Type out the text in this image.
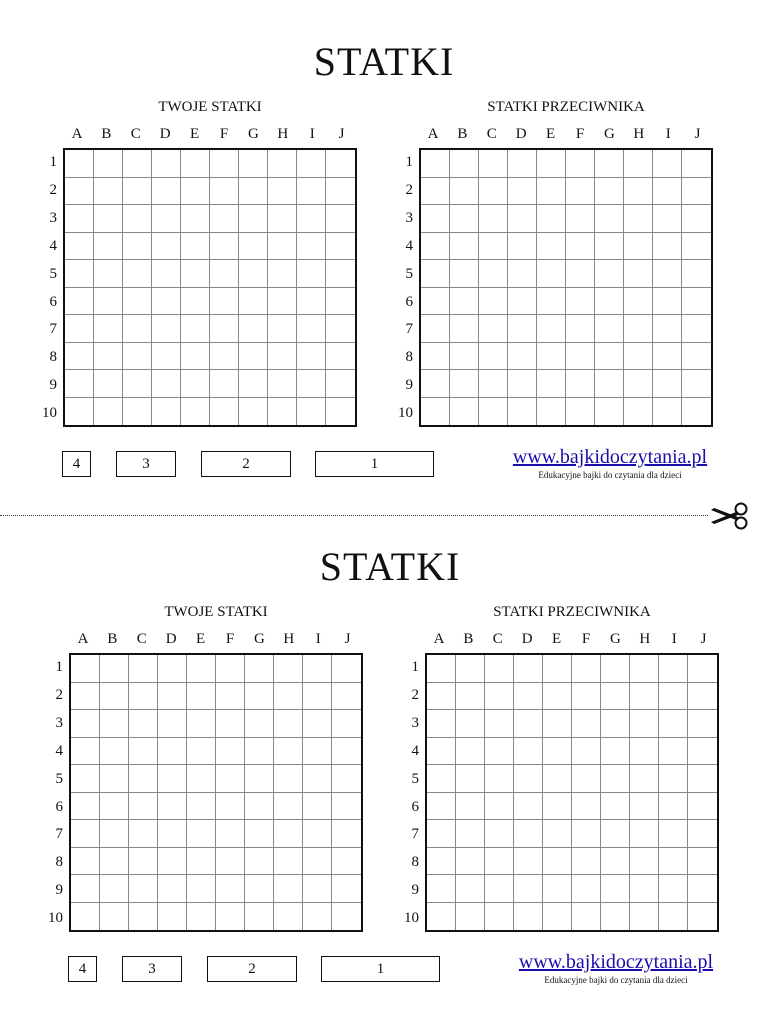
STATKI
TWOJE STATKI
A	B	C	D	E	F	G	H	I	J
1
2
3
4
5
6
7
8
9
10
STATKI PRZECIWNIKA
A	B	C	D	E	F	G	H	I	J
1
2
3
4
5
6
7
8
9
10
4	3	2	1	www.bajkidoczytania.pl
Edukacyjne bajki do czytania dla dzieci
STATKI
TWOJE STATKI
A	B	C	D	E	F	G	H	I	J
1
2
3
4
5
6
7
8
9
10
STATKI PRZECIWNIKA
A	B	C	D	E	F	G	H	I	J
1
2
3
4
5
6
7
8
9
10
4	3	2	1	www.bajkidoczytania.pl
Edukacyjne bajki do czytania dla dzieci
